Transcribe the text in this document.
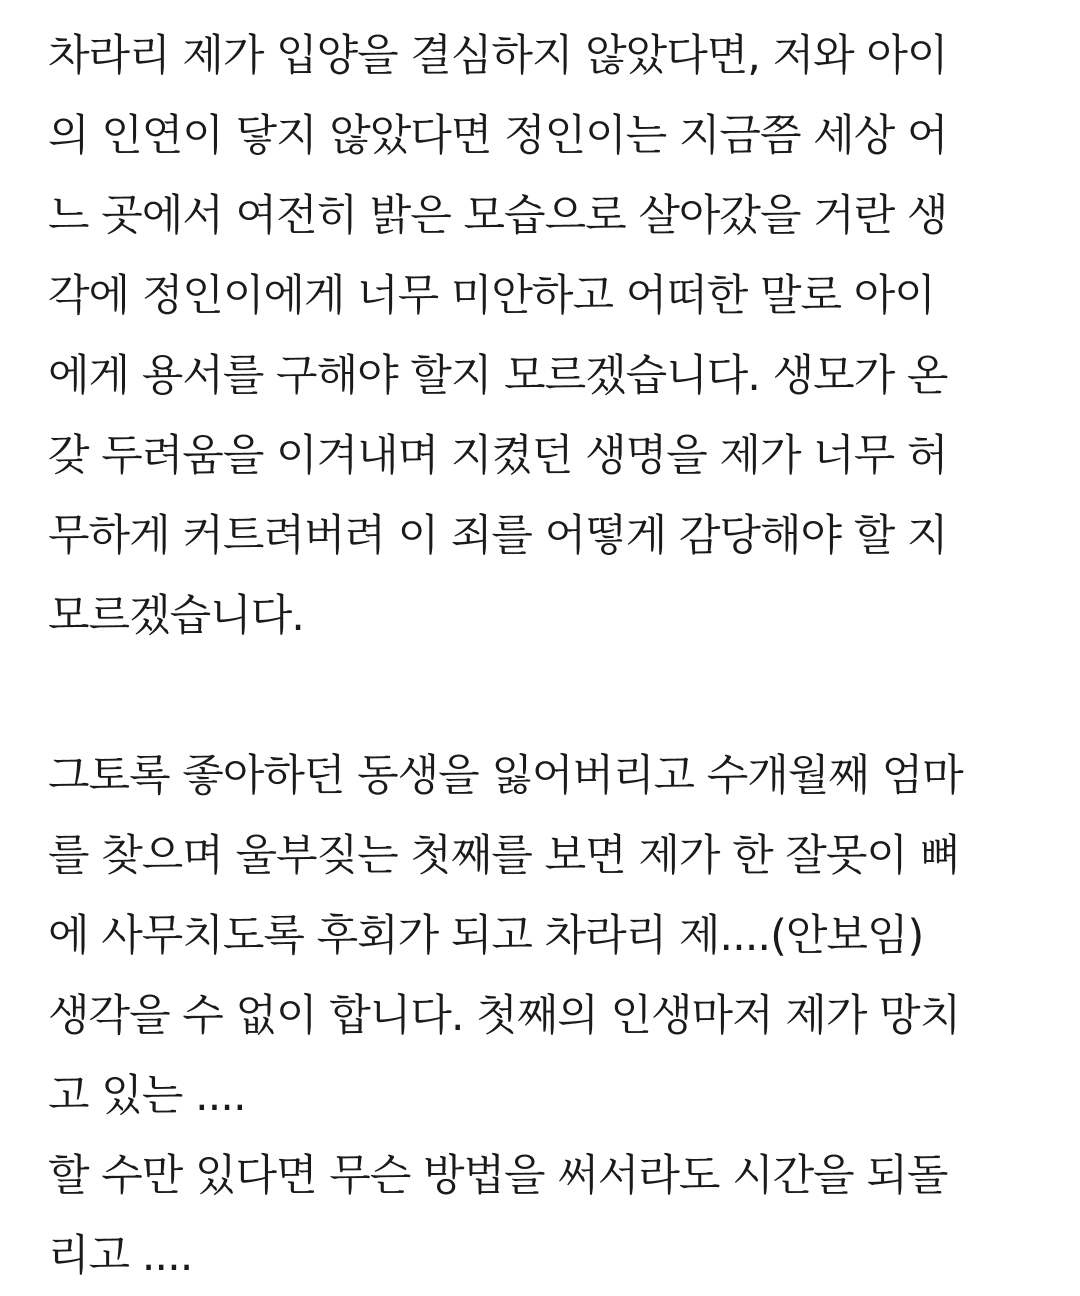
차라리 제가 입양을 결심하지 않았다면, 저와 아이
의 인연이 닿지 않았다면 정인이는 지금쯤 세상 어
느 곳에서 여전히 밝은 모습으로 살아갔을 거란 생
각에 정인이에게 너무 미안하고 어떠한 말로 아이
에게 용서를 구해야 할지 모르겠습니다. 생모가 온
갖 두려움을 이겨내며 지켰던 생명을 제가 너무 허
무하게 커트려버려 이 죄를 어떻게 감당해야 할 지
모르겠습니다.
그토록 좋아하던 동생을 잃어버리고 수개월째 엄마
를 찾으며 울부짖는 첫째를 보면 제가 한 잘못이 뼈
에 사무치도록 후회가 되고 차라리 제....(안보임)
생각을 수 없이 합니다. 첫째의 인생마저 제가 망치
고 있는 ....
할 수만 있다면 무슨 방법을 써서라도 시간을 되돌
리고 ....
